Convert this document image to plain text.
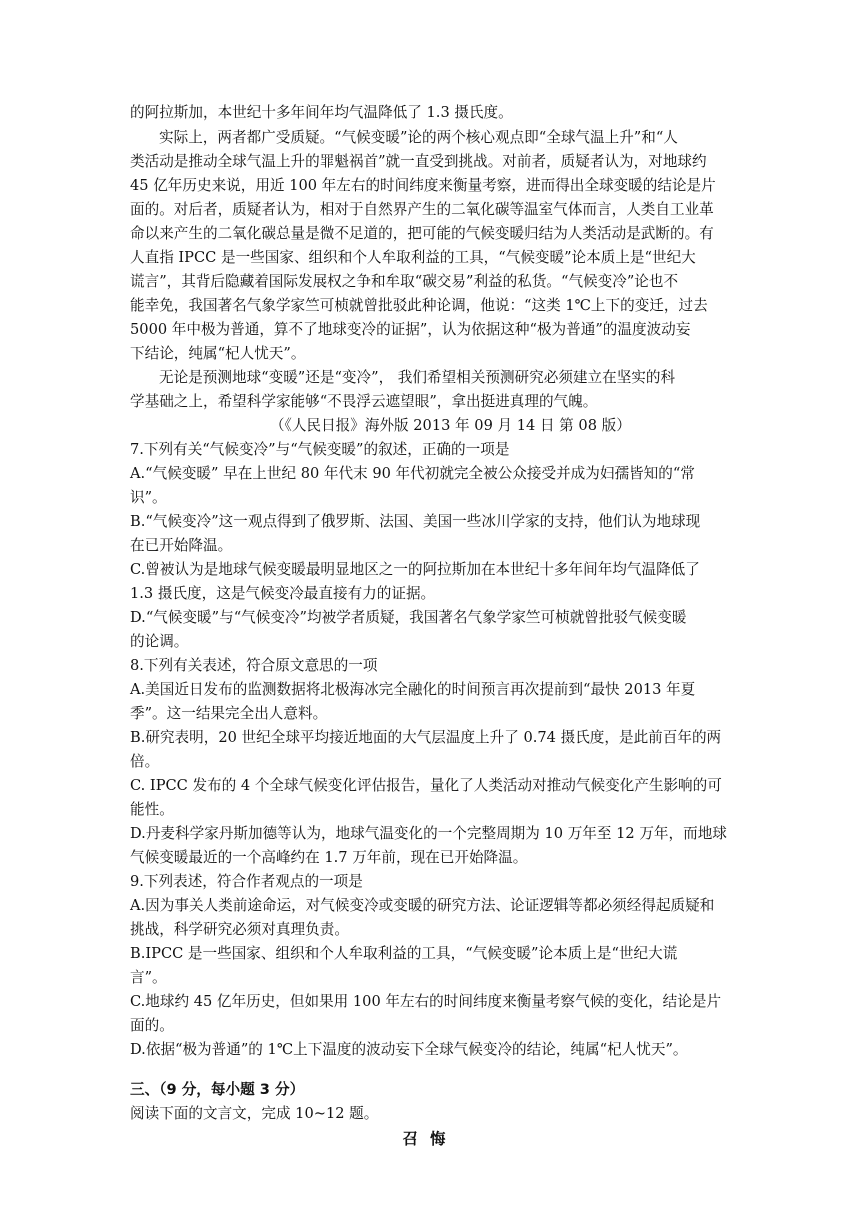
的阿拉斯加，本世纪十多年间年均气温降低了 1.3 摄氏度。
实际上，两者都广受质疑。“气候变暖”论的两个核心观点即“全球气温上升”和“人
类活动是推动全球气温上升的罪魁祸首”就一直受到挑战。对前者，质疑者认为，对地球约
45 亿年历史来说，用近 100 年左右的时间纬度来衡量考察，进而得出全球变暖的结论是片
面的。对后者，质疑者认为，相对于自然界产生的二氧化碳等温室气体而言，人类自工业革
命以来产生的二氧化碳总量是微不足道的，把可能的气候变暖归结为人类活动是武断的。有
人直指 IPCC 是一些国家、组织和个人牟取利益的工具，“气候变暖”论本质上是“世纪大
谎言”，其背后隐藏着国际发展权之争和牟取“碳交易”利益的私货。“气候变冷”论也不
能幸免，我国著名气象学家竺可桢就曾批驳此种论调，他说：“这类 1℃上下的变迁，过去
5000 年中极为普通，算不了地球变冷的证据”，认为依据这种“极为普通”的温度波动妄
下结论，纯属“杞人忧天”。
无论是预测地球“变暖”还是“变冷”， 我们希望相关预测研究必须建立在坚实的科
学基础之上，希望科学家能够“不畏浮云遮望眼”，拿出挺进真理的气魄。
（《人民日报》海外版 2013 年 09 月 14 日 第 08 版）
7.下列有关“气候变冷”与“气候变暖”的叙述，正确的一项是
A.“气候变暖” 早在上世纪 80 年代末 90 年代初就完全被公众接受并成为妇孺皆知的“常
识”。
B.“气候变冷”这一观点得到了俄罗斯、法国、美国一些冰川学家的支持，他们认为地球现
在已开始降温。
C.曾被认为是地球气候变暖最明显地区之一的阿拉斯加在本世纪十多年间年均气温降低了
1.3 摄氏度，这是气候变冷最直接有力的证据。
D.“气候变暖”与“气候变冷”均被学者质疑，我国著名气象学家竺可桢就曾批驳气候变暖
的论调。
8.下列有关表述，符合原文意思的一项
A.美国近日发布的监测数据将北极海冰完全融化的时间预言再次提前到“最快 2013 年夏
季”。这一结果完全出人意料。
B.研究表明，20 世纪全球平均接近地面的大气层温度上升了 0.74 摄氏度，是此前百年的两
倍。
C. IPCC 发布的 4 个全球气候变化评估报告，量化了人类活动对推动气候变化产生影响的可
能性。
D.丹麦科学家丹斯加德等认为，地球气温变化的一个完整周期为 10 万年至 12 万年，而地球
气候变暖最近的一个高峰约在 1.7 万年前，现在已开始降温。
9.下列表述，符合作者观点的一项是
A.因为事关人类前途命运，对气候变冷或变暖的研究方法、论证逻辑等都必须经得起质疑和
挑战，科学研究必须对真理负责。
B.IPCC 是一些国家、组织和个人牟取利益的工具，“气候变暖”论本质上是“世纪大谎
言”。
C.地球约 45 亿年历史，但如果用 100 年左右的时间纬度来衡量考察气候的变化，结论是片
面的。
D.依据“极为普通”的 1℃上下温度的波动妄下全球气候变冷的结论，纯属“杞人忧天”。
三、（9 分，每小题 3 分）
阅读下面的文言文，完成 10~12 题。
召悔
